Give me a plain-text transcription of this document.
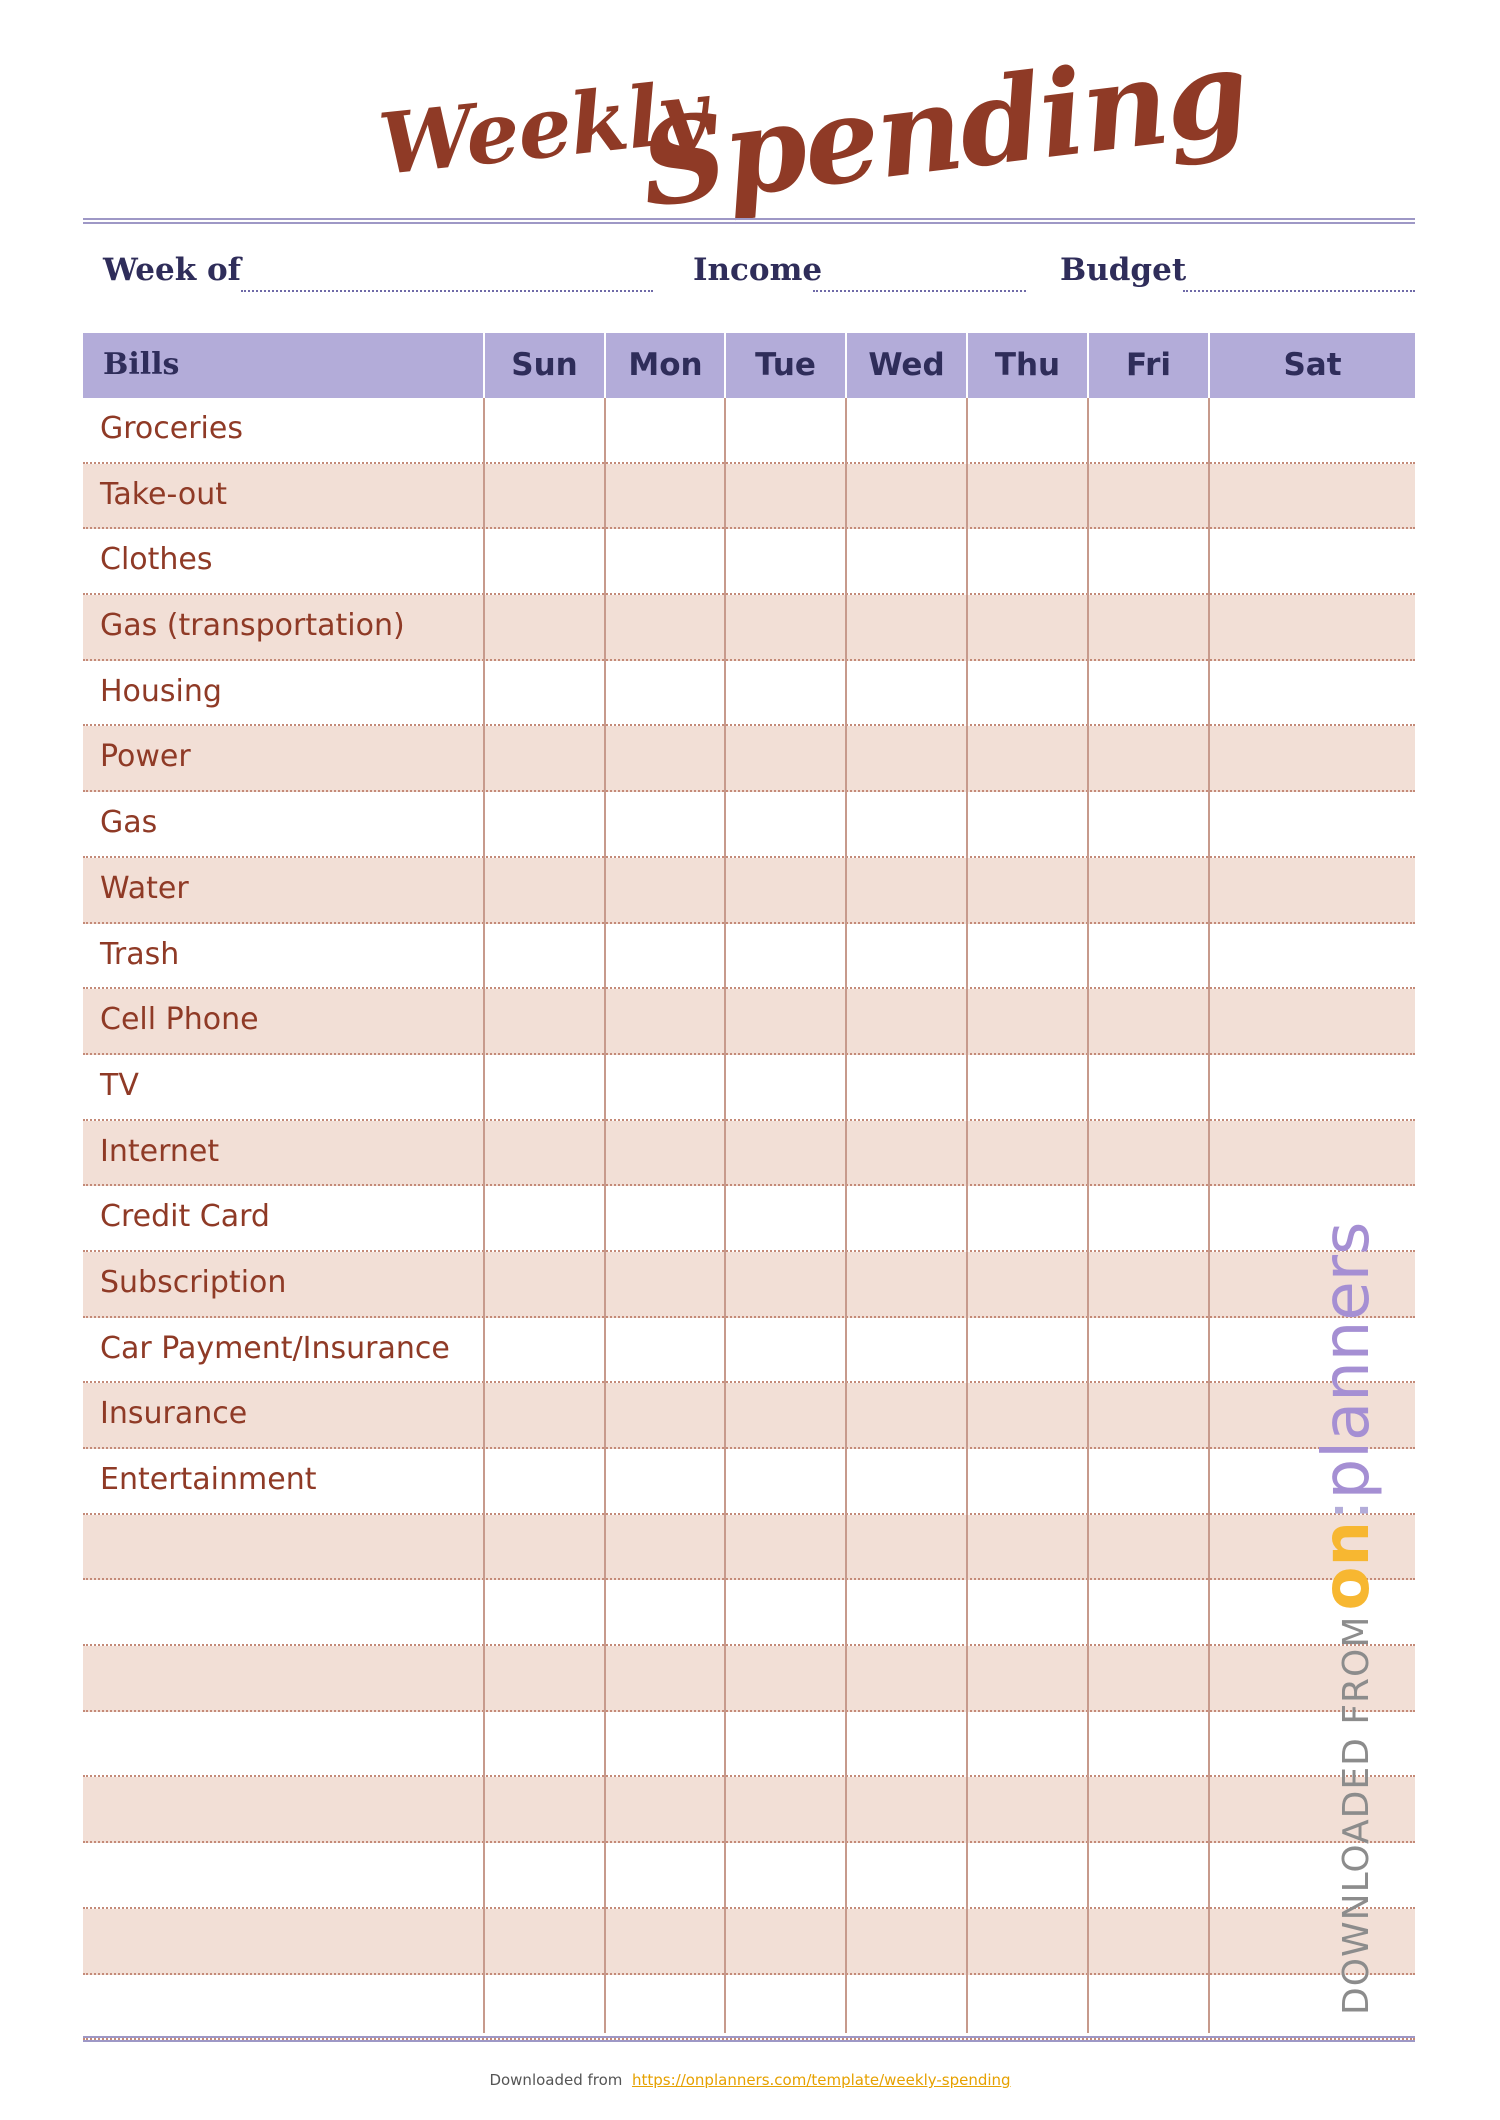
Weekly
Spending
Week of	Income	Budget
Bills	Sun	Mon	Tue	Wed	Thu	Fri	Sat
Groceries
Take-out
Clothes
Gas (transportation)
Housing
Power
Gas
Water
Trash
Cell Phone
TV
Internet
Credit Card
Subscription
Car Payment/Insurance
Insurance
Entertainment
DOWNLOADED FROM on:planners
Downloaded from https://onplanners.com/template/weekly-spending
